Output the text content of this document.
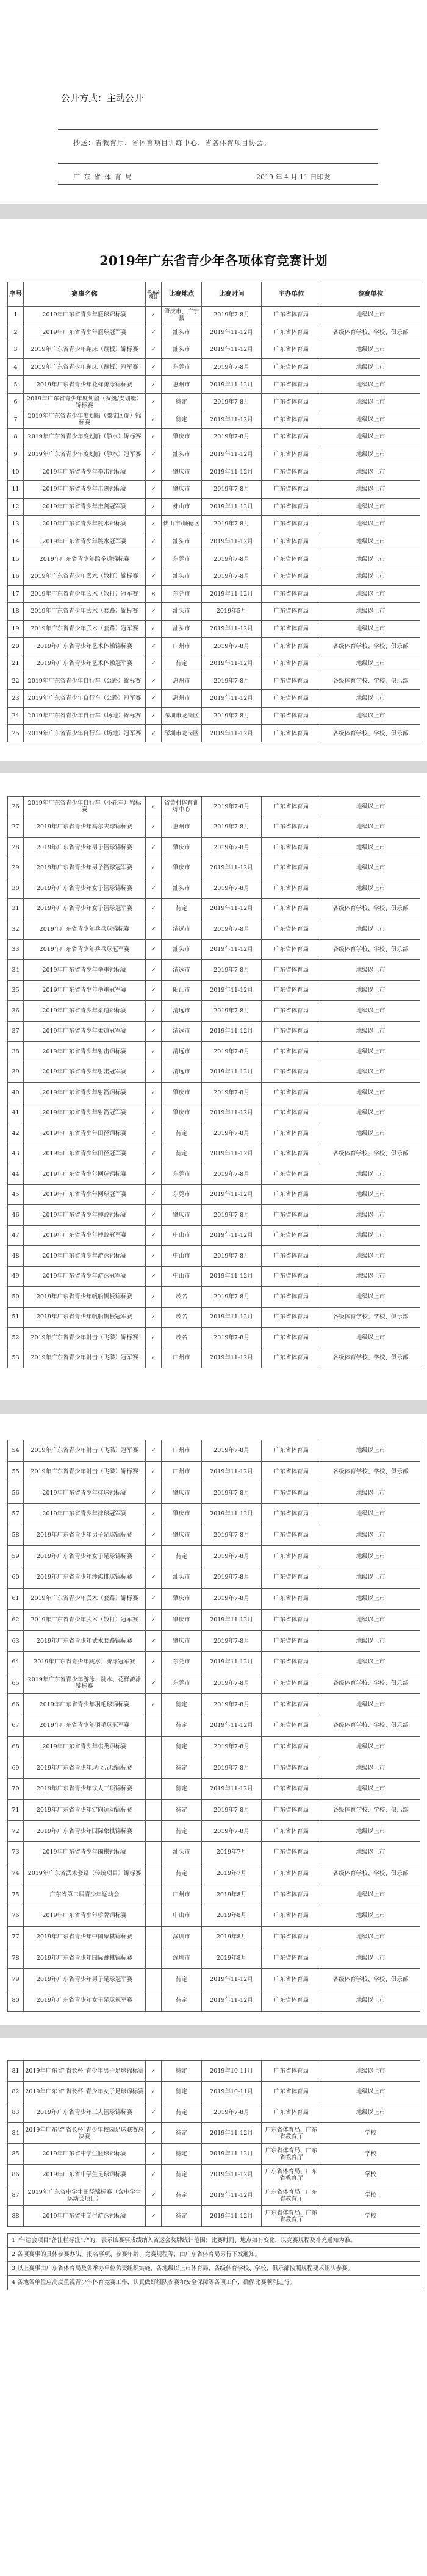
公开方式：主动公开
抄送：省教育厅、省体育项目训练中心、省各体育项目协会。
广东省体育局	2019 年 4 月 11 日印发
2019年广东省青少年各项体育竞赛计划
序号	赛事名称	年运会项目	比赛地点	比赛时间	主办单位	参赛单位
1	2019年广东省青少年篮球锦标赛	✓	肇庆市、广宁县	2019年7-8月	广东省体育局	地级以上市
2	2019年广东省青少年篮球冠军赛	✓	汕头市	2019年11-12月	广东省体育局	各级体育学校、学校、俱乐部
3	2019年广东省青少年蹦床（蹦板）锦标赛	✓	汕头市	2019年11-12月	广东省体育局	地级以上市
4	2019年广东省青少年蹦床（蹦板）冠军赛	✓	东莞市	2019年7-8月	广东省体育局	地级以上市
5	2019年广东省青少年花样游泳锦标赛	✓	惠州市	2019年11-12月	广东省体育局	地级以上市
6	2019年广东省青少年度划船（赛艇/皮划艇）锦标赛	✓	待定	2019年7-8月	广东省体育局	地级以上市
7	2019年广东省青少年度划船（激流回旋）锦标赛	✓	待定	2019年11-12月	广东省体育局	地级以上市
8	2019年广东省青少年度划船（静水）锦标赛	✓	肇庆市	2019年7-8月	广东省体育局	地级以上市
9	2019年广东省青少年度划船（静水）冠军赛	✓	汕头市	2019年11-12月	广东省体育局	地级以上市
10	2019年广东省青少年拳击锦标赛	✓	肇庆市	2019年11-12月	广东省体育局	地级以上市
11	2019年广东省青少年击剑锦标赛	✓	肇庆市	2019年7-8月	广东省体育局	地级以上市
12	2019年广东省青少年击剑冠军赛	✓	佛山市	2019年11-12月	广东省体育局	地级以上市
13	2019年广东省青少年跳水锦标赛	✓	佛山市/顺德区	2019年7-8月	广东省体育局	地级以上市
14	2019年广东省青少年跳水冠军赛	✓	汕头市	2019年11-12月	广东省体育局	地级以上市
15	2019年广东省青少年跆拳道锦标赛	✓	东莞市	2019年7-8月	广东省体育局	地级以上市
16	2019年广东省青少年武术（散打）锦标赛	✓	汕头市	2019年7-8月	广东省体育局	地级以上市
17	2019年广东省青少年武术（散打）冠军赛	×	东莞市	2019年11-12月	广东省体育局	地级以上市
18	2019年广东省青少年武术（套路）锦标赛	✓	汕头市	2019年5月	广东省体育局	地级以上市
19	2019年广东省青少年武术（套路）冠军赛	✓	汕头市	2019年11-12月	广东省体育局	地级以上市
20	2019年广东省青少年艺术体操锦标赛	✓	广州市	2019年7-8月	广东省体育局	各级体育学校、学校、俱乐部
21	2019年广东省青少年艺术体操冠军赛	✓	待定	2019年11-12月	广东省体育局	地级以上市
22	2019年广东省青少年自行车（公路）锦标赛	✓	惠州市	2019年7-8月	广东省体育局	各级体育学校、学校、俱乐部
23	2019年广东省青少年自行车（公路）冠军赛	✓	惠州市	2019年11-12月	广东省体育局	地级以上市
24	2019年广东省青少年自行车（场地）锦标赛	✓	深圳市龙岗区	2019年7-8月	广东省体育局	地级以上市
25	2019年广东省青少年自行车（场地）冠军赛	✓	深圳市龙岗区	2019年11-12月	广东省体育局	各级体育学校、学校、俱乐部
26	2019年广东省青少年自行车（小轮车）锦标赛	✓	省黄村体育训练中心	2019年7-8月	广东省体育局	地级以上市
27	2019年广东省青少年高尔夫球锦标赛	✓	惠州市	2019年7-8月	广东省体育局	地级以上市
28	2019年广东省青少年男子篮球锦标赛	✓	肇庆市	2019年7-8月	广东省体育局	地级以上市
29	2019年广东省青少年男子篮球冠军赛	✓	肇庆市	2019年11-12月	广东省体育局	地级以上市
30	2019年广东省青少年女子篮球锦标赛	✓	汕头市	2019年7-8月	广东省体育局	地级以上市
31	2019年广东省青少年女子篮球冠军赛	✓	待定	2019年11-12月	广东省体育局	各级体育学校、学校、俱乐部
32	2019年广东省青少年乒乓球锦标赛	✓	清远市	2019年7-8月	广东省体育局	地级以上市
33	2019年广东省青少年乒乓球冠军赛	✓	汕头市	2019年11-12月	广东省体育局	各级体育学校、学校、俱乐部
34	2019年广东省青少年举重锦标赛	✓	清远市	2019年7-8月	广东省体育局	地级以上市
35	2019年广东省青少年举重冠军赛	✓	阳江市	2019年11-12月	广东省体育局	地级以上市
36	2019年广东省青少年柔道锦标赛	✓	清远市	2019年7-8月	广东省体育局	地级以上市
37	2019年广东省青少年柔道冠军赛	✓	清远市	2019年11-12月	广东省体育局	地级以上市
38	2019年广东省青少年射击锦标赛	✓	清远市	2019年7-8月	广东省体育局	地级以上市
39	2019年广东省青少年射击冠军赛	✓	清远市	2019年11-12月	广东省体育局	地级以上市
40	2019年广东省青少年射箭锦标赛	✓	肇庆市	2019年7-8月	广东省体育局	地级以上市
41	2019年广东省青少年射箭冠军赛	✓	肇庆市	2019年11-12月	广东省体育局	地级以上市
42	2019年广东省青少年田径锦标赛	✓	待定	2019年7-8月	广东省体育局	地级以上市
43	2019年广东省青少年田径冠军赛	✓	待定	2019年11-12月	广东省体育局	各级体育学校、学校、俱乐部
44	2019年广东省青少年网球锦标赛	✓	东莞市	2019年7-8月	广东省体育局	地级以上市
45	2019年广东省青少年网球冠军赛	✓	东莞市	2019年11-12月	广东省体育局	地级以上市
46	2019年广东省青少年摔跤锦标赛	✓	肇庆市	2019年7-8月	广东省体育局	地级以上市
47	2019年广东省青少年摔跤冠军赛	✓	中山市	2019年11-12月	广东省体育局	地级以上市
48	2019年广东省青少年游泳锦标赛	✓	中山市	2019年7-8月	广东省体育局	地级以上市
49	2019年广东省青少年游泳冠军赛	✓	中山市	2019年11-12月	广东省体育局	地级以上市
50	2019年广东省青少年帆船帆板锦标赛	✓	茂名	2019年7-8月	广东省体育局	地级以上市
51	2019年广东省青少年帆船帆板冠军赛	✓	茂名	2019年11-12月	广东省体育局	各级体育学校、学校、俱乐部
52	2019年广东省青少年射击（飞碟）锦标赛	✓	茂名	2019年7-8月	广东省体育局	地级以上市
53	2019年广东省青少年射击（飞碟）冠军赛	✓	广州市	2019年11-12月	广东省体育局	各级体育学校、学校、俱乐部
54	2019年广东省青少年射击（飞碟）冠军赛	✓	广州市	2019年7-8月	广东省体育局	地级以上市
55	2019年广东省青少年射击（飞碟）锦标赛	✓	广州市	2019年11-12月	广东省体育局	各级体育学校、学校、俱乐部
56	2019年广东省青少年排球锦标赛	✓	肇庆市	2019年7-8月	广东省体育局	地级以上市
57	2019年广东省青少年排球冠军赛	✓	肇庆市	2019年11-12月	广东省体育局	地级以上市
58	2019年广东省青少年男子足球锦标赛	✓	肇庆市	2019年7-8月	广东省体育局	地级以上市
59	2019年广东省青少年女子足球锦标赛	✓	待定	2019年7-8月	广东省体育局	地级以上市
60	2019年广东省青少年沙滩排球锦标赛	✓	汕头市	2019年7-8月	广东省体育局	地级以上市
61	2019年广东省青少年武术（套路）锦标赛	✓	肇庆市	2019年7-8月	广东省体育局	地级以上市
62	2019年广东省青少年武术（散打）冠军赛	✓	肇庆市	2019年11-12月	广东省体育局	地级以上市
63	2019年广东省青少年武术套路锦标赛	✓	肇庆市	2019年7-8月	广东省体育局	地级以上市
64	2019年广东省青少年跳水、游泳冠军赛	✓	东莞市	2019年11-12月	广东省体育局	地级以上市
65	2019年广东省青少年游泳、跳水、花样游泳锦标赛	✓	东莞市	2019年7-8月	广东省体育局	各级体育学校、学校、俱乐部
66	2019年广东省青少年羽毛球锦标赛	✓	待定	2019年7-8月	广东省体育局	地级以上市
67	2019年广东省青少年羽毛球冠军赛		待定	2019年11-12月	广东省体育局	各级体育学校、学校、俱乐部
68	2019年广东省青少年棋类锦标赛		待定	2019年7-8月	广东省体育局	地级以上市
69	2019年广东省青少年现代五项锦标赛		待定	2019年7-8月	广东省体育局	地级以上市
70	2019年广东省青少年铁人三项锦标赛		待定	2019年11-12月	广东省体育局	地级以上市
71	2019年广东省青少年定向运动锦标赛		待定	2019年7-8月	广东省体育局	各级体育学校、学校、俱乐部
72	2019年广东省青少年国际象棋锦标赛		待定	2019年7-8月	广东省体育局	地级以上市
73	2019年广东省青少年围棋锦标赛		汕头市	2019年7月	广东省体育局	地级以上市
74	2019年广东省武术套路（传统项目）锦标赛		待定	2019年7月	广东省体育局	各级体育学校、学校、俱乐部
75	广东省第二届青少年运动会		广州市	2019年8月	广东省体育局	地级以上市
76	2019年广东省青少年桥牌锦标赛		中山市	2019年8月	广东省体育局	地级以上市
77	2019年广东省青少年中国象棋锦标赛		深圳市	2019年8月	广东省体育局	地级以上市
78	2019年广东省青少年国际跳棋锦标赛		深圳市	2019年8月	广东省体育局	地级以上市
79	2019年广东省青少年男子足球冠军赛		待定	2019年11-12月	广东省体育局	各级体育学校、学校、俱乐部
80	2019年广东省青少年女子足球冠军赛		待定	2019年11-12月	广东省体育局	地级以上市
81	2019年广东省"省长杯"青少年男子足球锦标赛	✓	待定	2019年10-11月	广东省体育局	地级以上市
82	2019年广东省"省长杯"青少年女子足球锦标赛	✓	待定	2019年10-11月	广东省体育局	地级以上市
83	2019年广东省青少年三人篮球锦标赛	✓	待定	2019年7-8月	广东省体育局	地级以上市
84	2019年广东省"省长杯"青少年校园足球联赛总决赛	✓	待定	2019年11-12月	广东省体育局、广东省教育厅	学校
85	2019年广东省中学生篮球锦标赛	✓	待定	2019年11-12月	广东省体育局、广东省教育厅	学校
86	2019年广东省中学生足球锦标赛	✓	待定	2019年11-12月	广东省体育局、广东省教育厅	学校
87	2019年广东省中学生田径锦标赛（含中学生运动会项目）	✓	待定	2019年11-12月	广东省体育局、广东省教育厅	学校
88	2019年广东省中学生游泳锦标赛	✓	待定	2019年11-12月	广东省体育局、广东省教育厅	学校
1."年运会项目"备注栏标注"✓"的，表示该赛事成绩纳入省运会奖牌统计范围；比赛时间、地点如有变化，以竞赛规程及补充通知为准。
2.各项赛事的具体参赛办法、报名事项、参赛年龄、竞赛规程等，由广东省体育局另行下发通知。
3.以上赛事由广东省体育局及各承办单位负责组织实施，各地级以上市体育局、各级体育学校、学校、俱乐部按照规程要求组队参赛。
4.各地各单位应高度重视青少年体育竞赛工作，认真做好组队参赛和安全保障等各项工作，确保比赛顺利进行。
